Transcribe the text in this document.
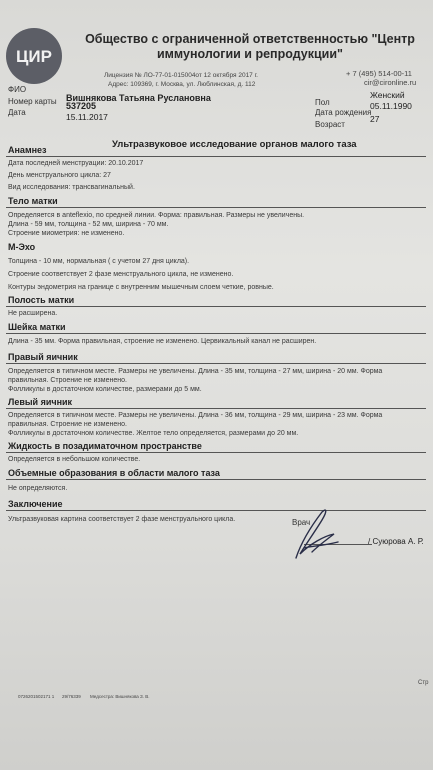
ЦИР
Общество с ограниченной ответственностью "Центр иммунологии и репродукции"
Лицензия № ЛО-77-01-015004от 12 октября 2017 г.
Адрес: 109369, г. Москва, ул. Люблинская, д. 112
+ 7 (495) 514-00-11
cir@cironline.ru
ФИО
Вишнякова Татьяна Руслановна
Номер карты 537205
Дата	15.11.2017
Пол
Женский
Дата рождения
05.11.1990
Возраст
27
Ультразвуковое исследование органов малого таза
Анамнез
Дата последней менструации: 20.10.2017
День менструального цикла: 27
Вид исследования: трансвагинальный.
Тело матки
Определяется в anteflexio, по средней линии. Форма: правильная. Размеры не увеличены.
Длина - 59 мм, толщина - 52 мм, ширина - 70 мм.
Строение миометрия: не изменено.
М-Эхо
Толщина - 10 мм, нормальная ( с учетом 27 дня цикла).
Строение соответствует 2 фазе менструального цикла, не изменено.
Контуры эндометрия на границе с внутренним мышечным слоем четкие, ровные.
Полость матки
Не расширена.
Шейка матки
Длина - 35 мм. Форма правильная, строение не изменено. Цервикальный канал не расширен.
Правый яичник
Определяется в типичном месте. Размеры не увеличены. Длина - 35 мм, толщина - 27 мм, ширина - 20 мм. Форма
правильная. Строение не изменено.
Фолликулы в достаточном количестве, размерами до 5 мм.
Левый яичник
Определяется в типичном месте. Размеры не увеличены. Длина - 36 мм, толщина - 29 мм, ширина - 23 мм. Форма
правильная. Строение не изменено.
Фолликулы в достаточном количестве. Желтое тело определяется, размерами до 20 мм.
Жидкость в позадиматочном пространстве
Определяется в небольшом количестве.
Объемные образования в области малого таза
Не определяются.
Заключение
Ультразвуковая картина соответствует 2 фазе менструального цикла.	Врач
/ Суюрова А. Р.
0726201502171 1 29/76339 Медсестра: Вишнякова З. В.
Стр
